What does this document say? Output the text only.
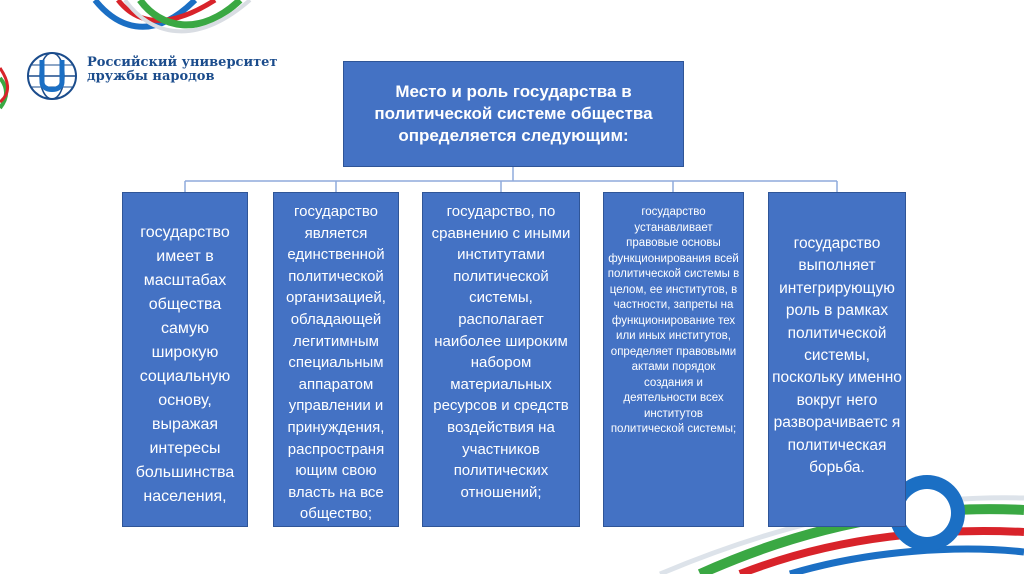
Российский университет
дружбы народов
Место и роль государства в политической системе общества определяется следующим:
государство имеет в масштабах общества самую широкую социальную основу, выражая интересы большинства населения,
государство является единственной политической организацией, обладающей легитимным специальным аппаратом управлении и принуждения, распространя ющим свою власть на все общество;
государство, по сравнению с иными институтами политической системы, располагает наиболее широким набором материальных ресурсов и средств воздействия на участников политических отношений;
государство устанавливает правовые основы функционирования всей политической системы в целом, ее институтов, в частности, запреты на функционирование тех или иных институтов, определяет правовыми актами порядок создания и деятельности всех институтов политической системы;
государство выполняет интегрирующую роль в рамках политической системы, поскольку именно вокруг него разворачиваетс я политическая борьба.
